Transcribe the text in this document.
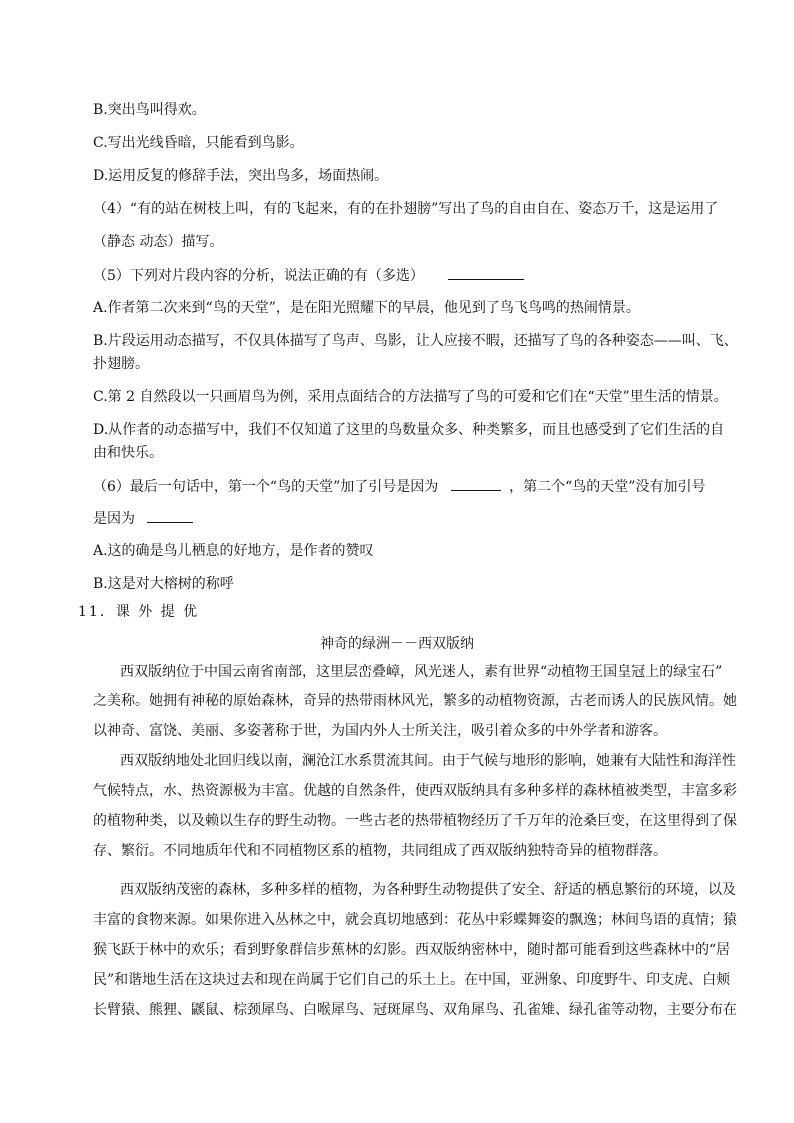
B.突出鸟叫得欢。
C.写出光线昏暗，只能看到鸟影。
D.运用反复的修辞手法，突出鸟多，场面热闹。
（4）“有的站在树枝上叫，有的飞起来，有的在扑翅膀”写出了鸟的自由自在、姿态万千，这是运用了
（静态 动态）描写。
（5）下列对片段内容的分析，说法正确的有（多选）
A.作者第二次来到“鸟的天堂”，是在阳光照耀下的早晨，他见到了鸟飞鸟鸣的热闹情景。
B.片段运用动态描写，不仅具体描写了鸟声、鸟影，让人应接不暇，还描写了鸟的各种姿态——叫、飞、
扑翅膀。
C.第 2 自然段以一只画眉鸟为例，采用点面结合的方法描写了鸟的可爱和它们在“天堂”里生活的情景。
D.从作者的动态描写中，我们不仅知道了这里的鸟数量众多、种类繁多，而且也感受到了它们生活的自
由和快乐。
（6）最后一句话中，第一个“鸟的天堂”加了引号是因为	，第二个“鸟的天堂”没有加引号
是因为
A.这的确是鸟儿栖息的好地方，是作者的赞叹
B.这是对大榕树的称呼
11．课 外 提 优
神奇的绿洲－－西双版纳
西双版纳位于中国云南省南部，这里层峦叠嶂，风光迷人，素有世界“动植物王国皇冠上的绿宝石”
之美称。她拥有神秘的原始森林，奇异的热带雨林风光，繁多的动植物资源，古老而诱人的民族风情。她
以神奇、富饶、美丽、多姿著称于世，为国内外人士所关注，吸引着众多的中外学者和游客。
西双版纳地处北回归线以南，澜沧江水系贯流其间。由于气候与地形的影响，她兼有大陆性和海洋性
气候特点，水、热资源极为丰富。优越的自然条件，使西双版纳具有多种多样的森林植被类型，丰富多彩
的植物种类，以及赖以生存的野生动物。一些古老的热带植物经历了千万年的沧桑巨变，在这里得到了保
存、繁衍。不同地质年代和不同植物区系的植物，共同组成了西双版纳独特奇异的植物群落。
西双版纳茂密的森林，多种多样的植物，为各种野生动物提供了安全、舒适的栖息繁衍的环境，以及
丰富的食物来源。如果你进入丛林之中，就会真切地感到：花丛中彩蝶舞姿的飘逸；林间鸟语的真情；猿
猴飞跃于林中的欢乐；看到野象群信步蕉林的幻影。西双版纳密林中，随时都可能看到这些森林中的“居
民”和谐地生活在这块过去和现在尚属于它们自己的乐土上。在中国，亚洲象、印度野牛、印支虎、白颊
长臂猿、熊狸、鼷鼠、棕颈犀鸟、白喉犀鸟、冠斑犀鸟、双角犀鸟、孔雀雉、绿孔雀等动物，主要分布在
